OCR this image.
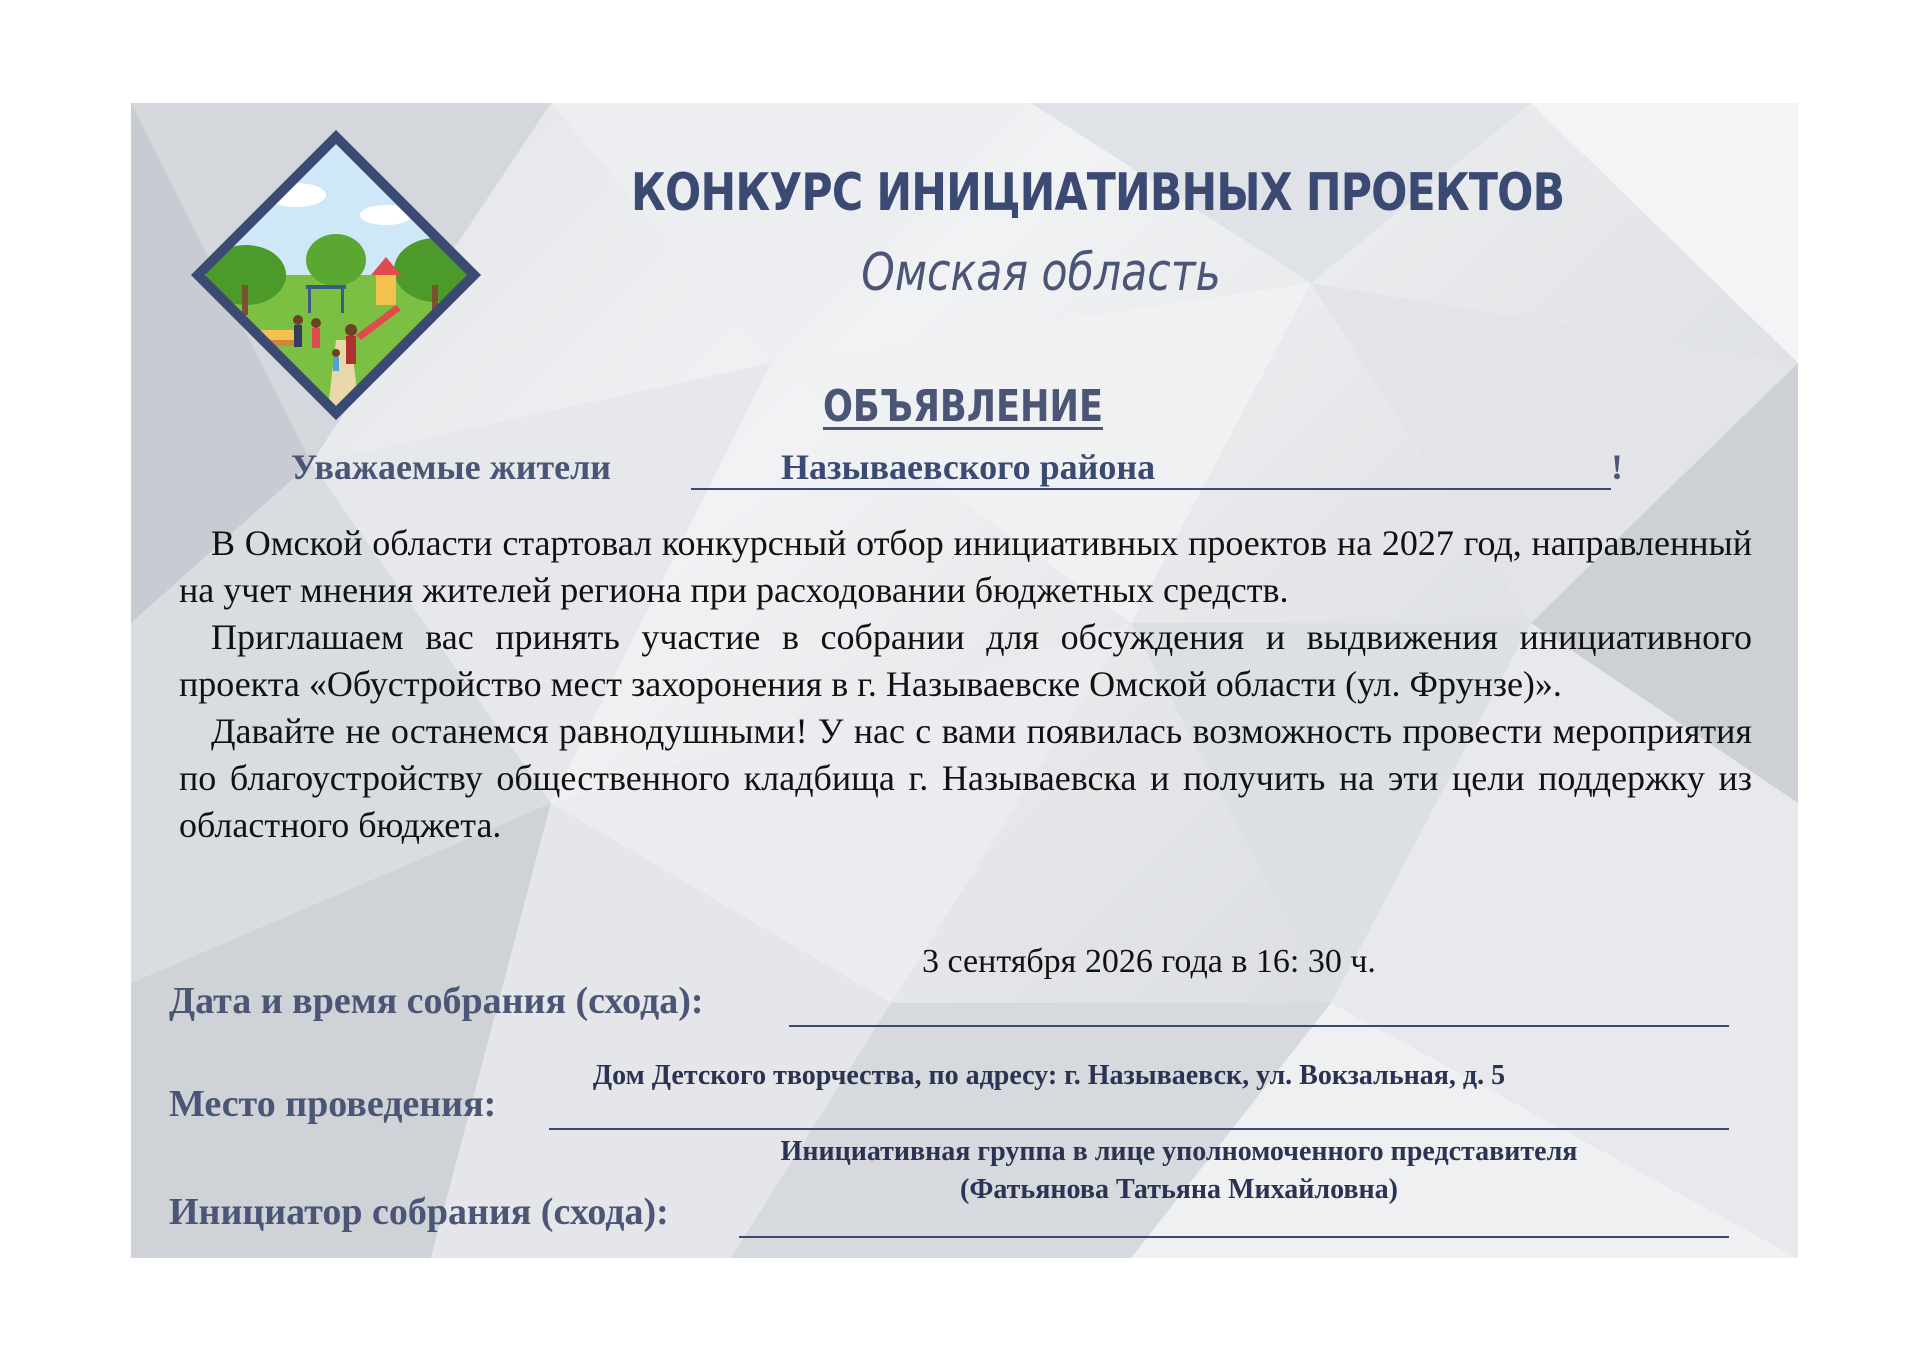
КОНКУРС ИНИЦИАТИВНЫХ ПРОЕКТОВ
Омская область
ОБЪЯВЛЕНИЕ
Уважаемые жители	Называевского района	!

В Омской области стартовал конкурсный отбор инициативных проектов на 2027 год, направленный на учет мнения жителей региона при расходовании бюджетных средств.

Приглашаем вас принять участие в собрании для обсуждения и выдвижения инициативного проекта «Обустройство мест захоронения в г. Называевске Омской области (ул. Фрунзе)».

Давайте не останемся равнодушными! У нас с вами появилась возможность провести мероприятия по благоустройству общественного кладбища г. Называевска и получить на эти цели поддержку из областного бюджета.

3 сентября 2026 года в 16: 30 ч.
Дата и время собрания (схода):
Дом Детского творчества, по адресу: г. Называевск, ул. Вокзальная, д. 5
Место проведения:
Инициативная группа в лице уполномоченного представителя
(Фатьянова Татьяна Михайловна)
Инициатор собрания (схода):
